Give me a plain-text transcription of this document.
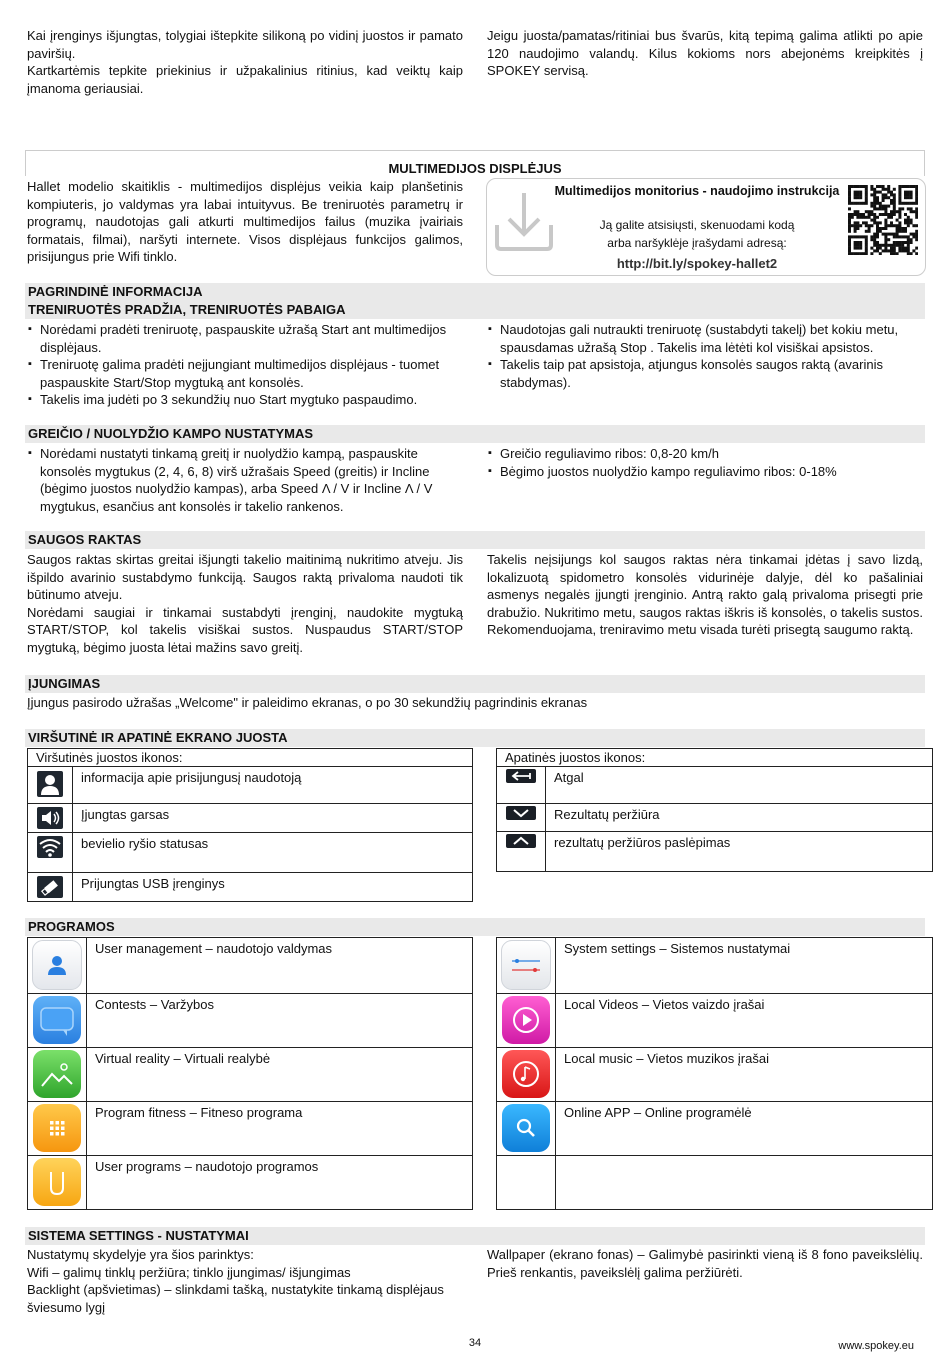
Kai įrenginys išjungtas, tolygiai ištepkite silikoną po vidinį juostos ir pamato paviršių.
Kartkartėmis tepkite priekinius ir užpakalinius ritinius, kad veiktų kaip įmanoma geriausiai.
Jeigu juosta/pamatas/ritiniai bus švarūs, kitą tepimą galima atlikti po apie 120 naudojimo valandų. Kilus kokioms nors abejonėms kreipkitės į SPOKEY servisą.
MULTIMEDIJOS DISPLĖJUS
Hallet modelio skaitiklis - multimedijos displėjus veikia kaip planšetinis kompiuteris, jo valdymas yra labai intuityvus. Be treniruotės parametrų ir programų, naudotojas gali atkurti multimedijos failus (muzika įvairiais formatais, filmai), naršyti internete. Visos displėjaus funkcijos galimos, prisijungus prie Wifi tinklo.
Multimedijos monitorius - naudojimo instrukcija
Ją galite atsisiųsti, skenuodami kodą
arba naršyklėje įrašydami adresą:
http://bit.ly/spokey-hallet2
PAGRINDINĖ INFORMACIJA
TRENIRUOTĖS PRADŽIA, TRENIRUOTĖS PABAIGA
▪ Norėdami pradėti treniruotę, paspauskite užrašą Start ant multimedijos displėjaus.
▪ Treniruotę galima pradėti neįjungiant multimedijos displėjaus - tuomet paspauskite Start/Stop mygtuką ant konsolės.
▪ Takelis ima judėti po 3 sekundžių nuo Start mygtuko paspaudimo.
▪ Naudotojas gali nutraukti treniruotę (sustabdyti takelį) bet kokiu metu, spausdamas užrašą Stop . Takelis ima lėtėti kol visiškai apsistos.
▪ Takelis taip pat apsistoja, atjungus konsolės saugos raktą (avarinis stabdymas).
GREIČIO / NUOLYDŽIO KAMPO NUSTATYMAS
▪ Norėdami nustatyti tinkamą greitį ir nuolydžio kampą, paspauskite konsolės mygtukus (2, 4, 6, 8) virš užrašais Speed (greitis) ir Incline (bėgimo juostos nuolydžio kampas), arba Speed Λ / V ir Incline Λ / V mygtukus, esančius ant konsolės ir takelio rankenos.
▪ Greičio reguliavimo ribos: 0,8-20 km/h
▪ Bėgimo juostos nuolydžio kampo reguliavimo ribos: 0-18%
SAUGOS RAKTAS
Saugos raktas skirtas greitai išjungti takelio maitinimą nukritimo atveju. Jis išpildo avarinio sustabdymo funkciją. Saugos raktą privaloma naudoti tik būtinumo atveju.
Norėdami saugiai ir tinkamai sustabdyti įrenginį, naudokite mygtuką START/STOP, kol takelis visiškai sustos. Nuspaudus START/STOP mygtuką, bėgimo juosta lėtai mažins savo greitį.
Takelis neįsijungs kol saugos raktas nėra tinkamai įdėtas į savo lizdą, lokalizuotą spidometro konsolės vidurinėje dalyje, dėl ko pašaliniai asmenys negalės įjungti įrenginio. Antrą rakto galą privaloma prisegti prie drabužio. Nukritimo metu, saugos raktas iškris iš konsolės, o takelis sustos. Rekomenduojama, treniravimo metu visada turėti prisegtą saugumo raktą.
ĮJUNGIMAS
Įjungus pasirodo užrašas „Welcome" ir paleidimo ekranas, o po 30 sekundžių pagrindinis ekranas
VIRŠUTINĖ IR APATINĖ EKRANO JUOSTA
Viršutinės juostos ikonos:	

	informacija apie prisijungusį naudotoją

	Įjungtas garsas

	bevielio ryšio statusas

	Prijungtas USB įrenginys
Apatinės juostos ikonos:	
	Atgal
	Rezultatų peržiūra
	rezultatų peržiūros paslėpimas
PROGRAMOS
	User management – naudotojo valdymas

	Contests – Varžybos

	Virtual reality – Virtuali realybė

	Program fitness – Fitneso programa

	User programs – naudotojo programos
	System settings – Sistemos nustatymai

	Local Videos – Vietos vaizdo įrašai

	Local music – Vietos muzikos įrašai

	Online APP – Online programėlė

SISTEMA SETTINGS - NUSTATYMAI
Nustatymų skydelyje yra šios parinktys:
Wifi – galimų tinklų peržiūra; tinklo įjungimas/ išjungimas
Backlight (apšvietimas) – slinkdami tašką, nustatykite tinkamą displėjaus šviesumo lygį
Wallpaper (ekrano fonas) – Galimybė pasirinkti vieną iš 8 fono paveikslėlių. Prieš renkantis, paveikslėlį galima peržiūrėti.
34	www.spokey.eu
